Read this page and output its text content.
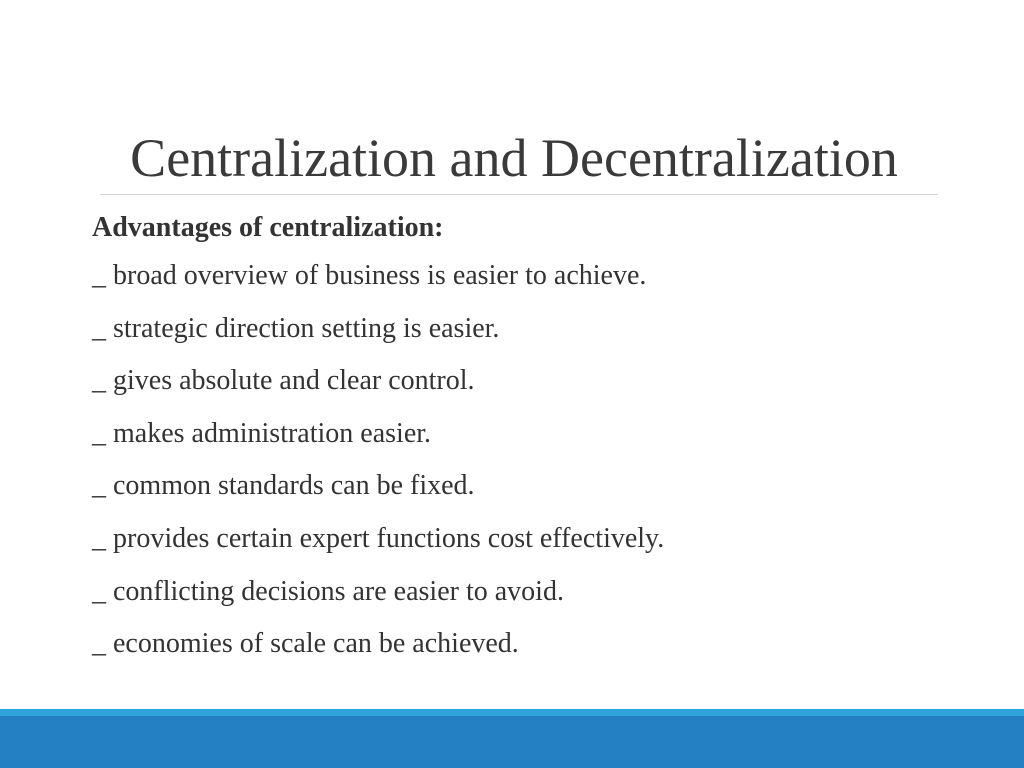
Centralization and Decentralization
Advantages of centralization:
_ broad overview of business is easier to achieve.
_ strategic direction setting is easier.
_ gives absolute and clear control.
_ makes administration easier.
_ common standards can be fixed.
_ provides certain expert functions cost effectively.
_ conflicting decisions are easier to avoid.
_ economies of scale can be achieved.
